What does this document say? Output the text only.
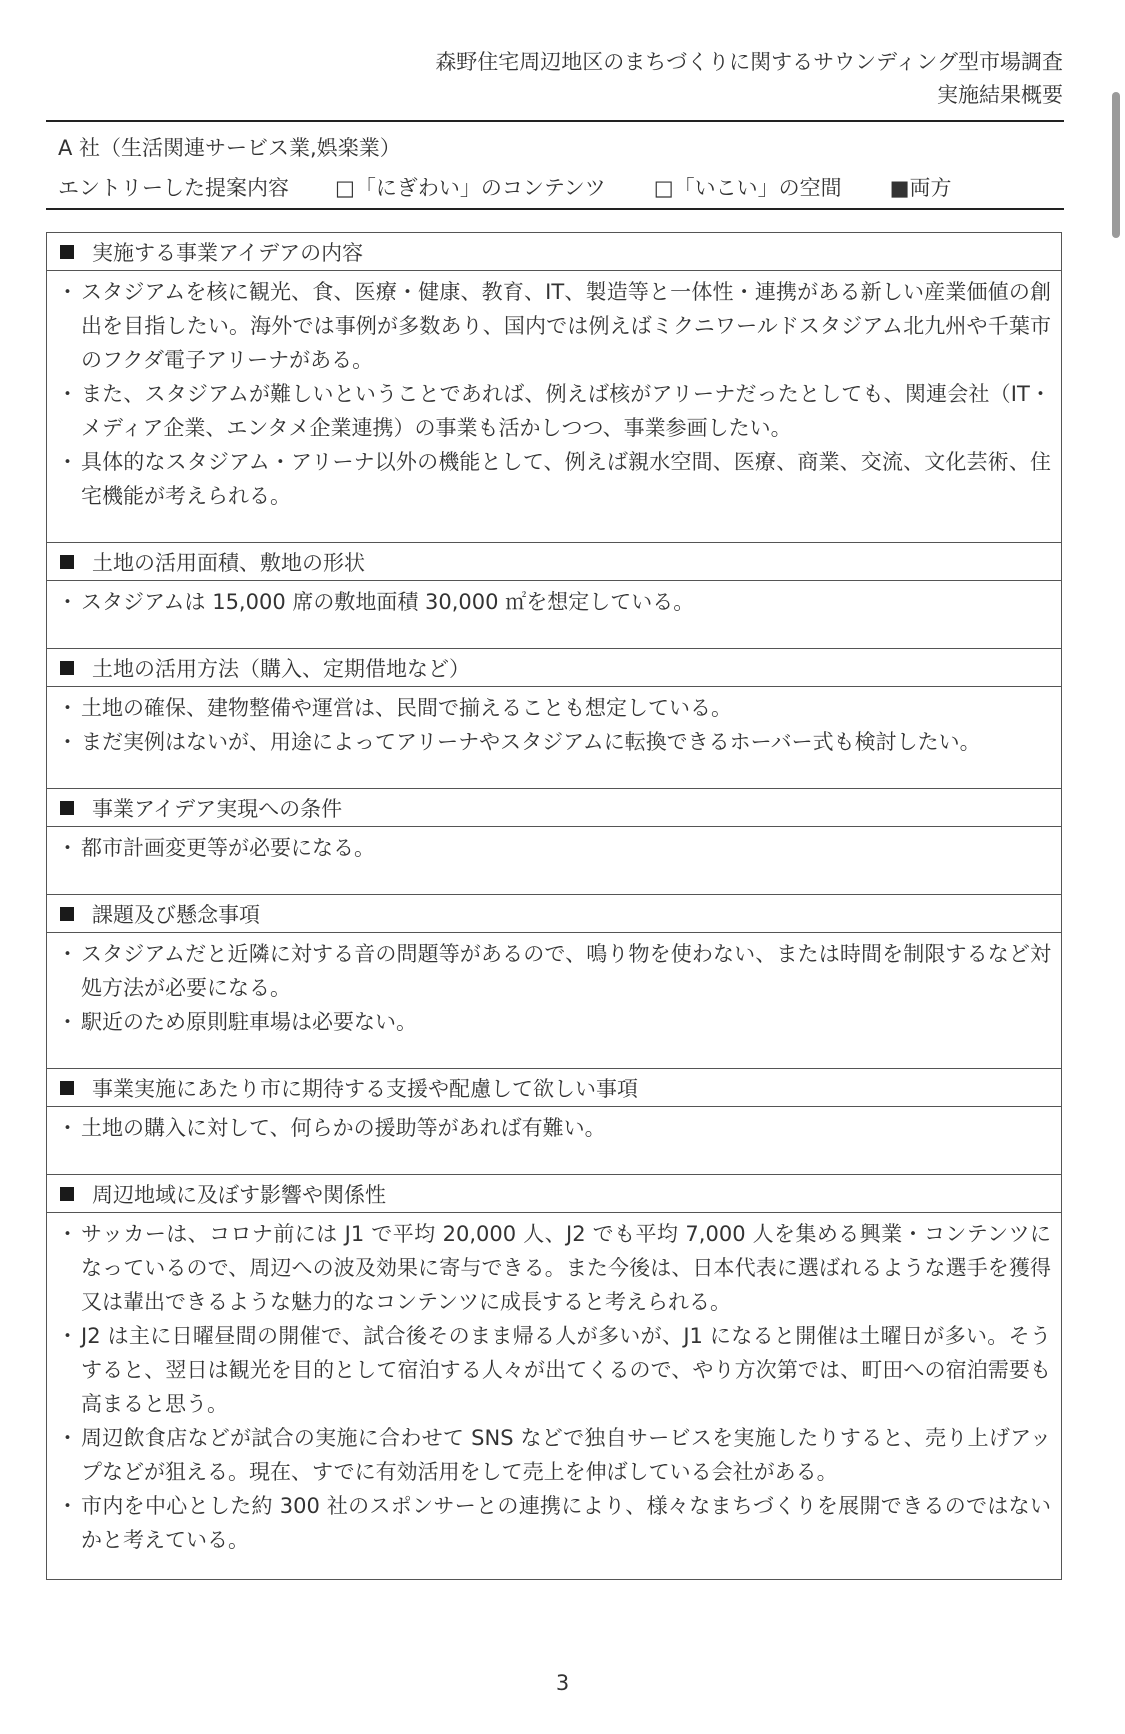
森野住宅周辺地区のまちづくりに関するサウンディング型市場調査
実施結果概要
A 社（生活関連サービス業,娯楽業）
エントリーした提案内容 □「にぎわい」のコンテンツ □「いこい」の空間 ■両方
実施する事業アイデアの内容
・ スタジアムを核に観光、食、医療・健康、教育、IT、製造等と一体性・連携がある新しい産業価値の創出を目指したい。海外では事例が多数あり、国内では例えばミクニワールドスタジアム北九州や千葉市のフクダ電子アリーナがある。
・ また、スタジアムが難しいということであれば、例えば核がアリーナだったとしても、関連会社（IT・メディア企業、エンタメ企業連携）の事業も活かしつつ、事業参画したい。
・ 具体的なスタジアム・アリーナ以外の機能として、例えば親水空間、医療、商業、交流、文化芸術、住宅機能が考えられる。
土地の活用面積、敷地の形状
・ スタジアムは 15,000 席の敷地面積 30,000 ㎡を想定している。
土地の活用方法（購入、定期借地など）
・ 土地の確保、建物整備や運営は、民間で揃えることも想定している。
・ まだ実例はないが、用途によってアリーナやスタジアムに転換できるホーバー式も検討したい。
事業アイデア実現への条件
・ 都市計画変更等が必要になる。
課題及び懸念事項
・ スタジアムだと近隣に対する音の問題等があるので、鳴り物を使わない、または時間を制限するなど対処方法が必要になる。
・ 駅近のため原則駐車場は必要ない。
事業実施にあたり市に期待する支援や配慮して欲しい事項
・ 土地の購入に対して、何らかの援助等があれば有難い。
周辺地域に及ぼす影響や関係性
・ サッカーは、コロナ前には J1 で平均 20,000 人、J2 でも平均 7,000 人を集める興業・コンテンツになっているので、周辺への波及効果に寄与できる。また今後は、日本代表に選ばれるような選手を獲得又は輩出できるような魅力的なコンテンツに成長すると考えられる。
・ J2 は主に日曜昼間の開催で、試合後そのまま帰る人が多いが、J1 になると開催は土曜日が多い。そうすると、翌日は観光を目的として宿泊する人々が出てくるので、やり方次第では、町田への宿泊需要も高まると思う。
・ 周辺飲食店などが試合の実施に合わせて SNS などで独自サービスを実施したりすると、売り上げアップなどが狙える。現在、すでに有効活用をして売上を伸ばしている会社がある。
・ 市内を中心とした約 300 社のスポンサーとの連携により、様々なまちづくりを展開できるのではないかと考えている。
3
